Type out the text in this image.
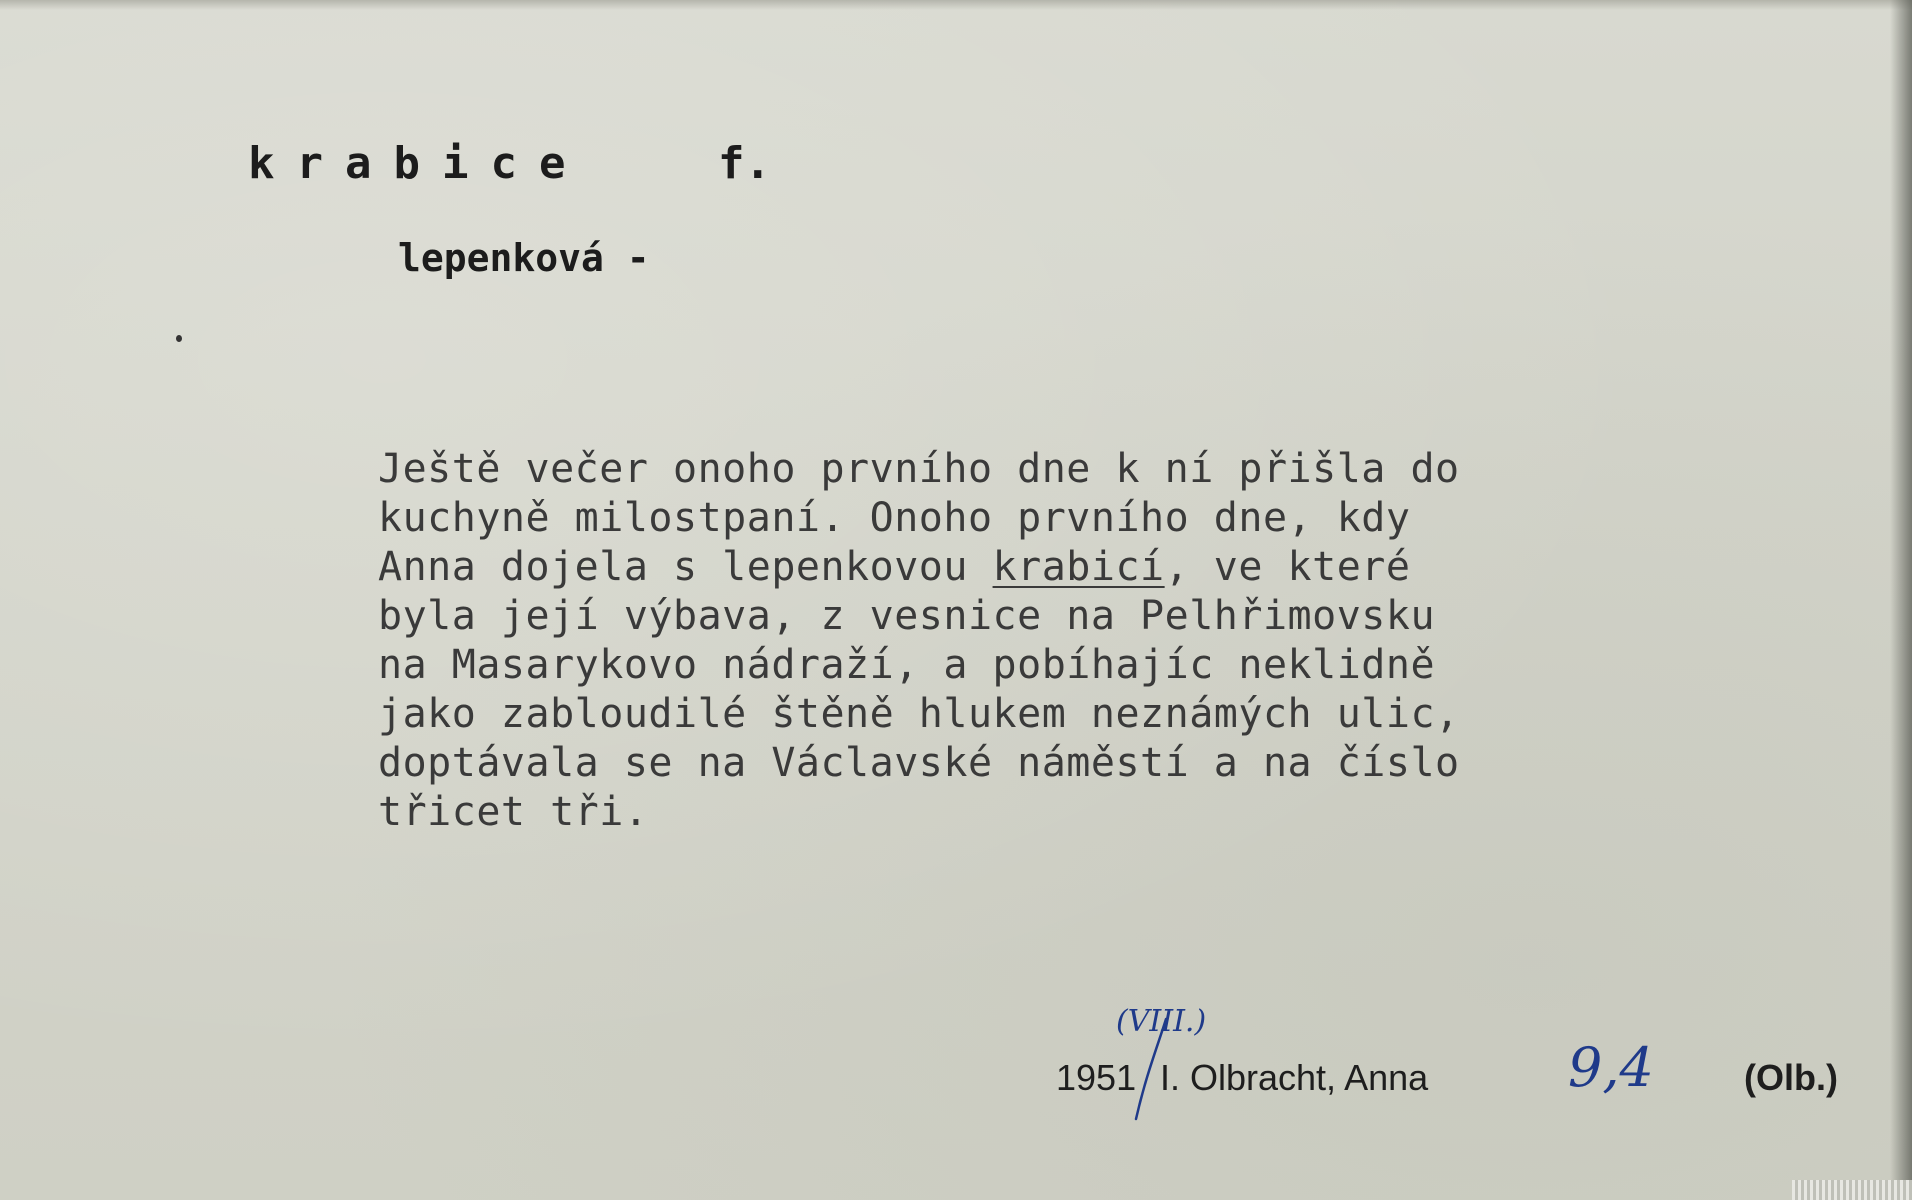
krabice	f.
lepenková -
Ještě večer onoho prvního dne k ní přišla do
kuchyně milostpaní. Onoho prvního dne, kdy
Anna dojela s lepenkovou krabicí, ve které
byla její výbava, z vesnice na Pelhřimovsku
na Masarykovo nádraží, a pobíhajíc neklidně
jako zabloudilé štěně hlukem neznámých ulic,
doptávala se na Václavské náměstí a na číslo
třicet tři.
(VIII.)
1951 I. Olbracht, Anna	9,4	(Olb.)
